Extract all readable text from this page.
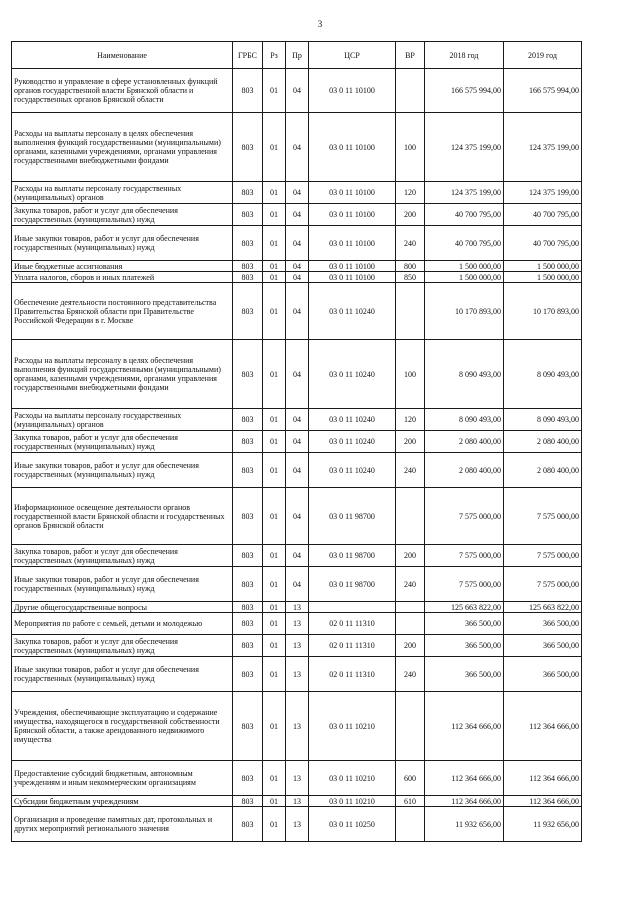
3
Наименование	ГРБС	Рз	Пр	ЦСР	ВР	2018 год	2019 год
Руководство и управление в сфере установленных функций органов государственной власти Брянской области и государственных органов Брянской области	803	01	04	03 0 11 10100		166 575 994,00	166 575 994,00
Расходы на выплаты персоналу в целях обеспечения выполнения функций государственными (муниципальными) органами, казенными учреждениями, органами управления государственными внебюджетными фондами	803	01	04	03 0 11 10100	100	124 375 199,00	124 375 199,00
Расходы на выплаты персоналу государственных (муниципальных) органов	803	01	04	03 0 11 10100	120	124 375 199,00	124 375 199,00
Закупка товаров, работ и услуг для обеспечения государственных (муниципальных) нужд	803	01	04	03 0 11 10100	200	40 700 795,00	40 700 795,00
Иные закупки товаров, работ и услуг для обеспечения государственных (муниципальных) нужд	803	01	04	03 0 11 10100	240	40 700 795,00	40 700 795,00
Иные бюджетные ассигнования	803	01	04	03 0 11 10100	800	1 500 000,00	1 500 000,00
Уплата налогов, сборов и иных платежей	803	01	04	03 0 11 10100	850	1 500 000,00	1 500 000,00
Обеспечение деятельности постоянного представительства Правительства Брянской области при Правительстве Российской Федерации в г. Москве	803	01	04	03 0 11 10240		10 170 893,00	10 170 893,00
Расходы на выплаты персоналу в целях обеспечения выполнения функций государственными (муниципальными) органами, казенными учреждениями, органами управления государственными внебюджетными фондами	803	01	04	03 0 11 10240	100	8 090 493,00	8 090 493,00
Расходы на выплаты персоналу государственных (муниципальных) органов	803	01	04	03 0 11 10240	120	8 090 493,00	8 090 493,00
Закупка товаров, работ и услуг для обеспечения государственных (муниципальных) нужд	803	01	04	03 0 11 10240	200	2 080 400,00	2 080 400,00
Иные закупки товаров, работ и услуг для обеспечения государственных (муниципальных) нужд	803	01	04	03 0 11 10240	240	2 080 400,00	2 080 400,00
Информационное освещение деятельности органов государственной власти Брянской области и государственных органов Брянской области	803	01	04	03 0 11 98700		7 575 000,00	7 575 000,00
Закупка товаров, работ и услуг для обеспечения государственных (муниципальных) нужд	803	01	04	03 0 11 98700	200	7 575 000,00	7 575 000,00
Иные закупки товаров, работ и услуг для обеспечения государственных (муниципальных) нужд	803	01	04	03 0 11 98700	240	7 575 000,00	7 575 000,00
Другие общегосударственные вопросы	803	01	13			125 663 822,00	125 663 822,00
Мероприятия по работе с семьей, детьми и молодежью	803	01	13	02 0 11 11310		366 500,00	366 500,00
Закупка товаров, работ и услуг для обеспечения государственных (муниципальных) нужд	803	01	13	02 0 11 11310	200	366 500,00	366 500,00
Иные закупки товаров, работ и услуг для обеспечения государственных (муниципальных) нужд	803	01	13	02 0 11 11310	240	366 500,00	366 500,00
Учреждения, обеспечивающие эксплуатацию и содержание имущества, находящегося в государственной собственности Брянской области, а также арендованного недвижимого имущества	803	01	13	03 0 11 10210		112 364 666,00	112 364 666,00
Предоставление субсидий бюджетным, автономным учреждениям и иным некоммерческим организациям	803	01	13	03 0 11 10210	600	112 364 666,00	112 364 666,00
Субсидии бюджетным учреждениям	803	01	13	03 0 11 10210	610	112 364 666,00	112 364 666,00
Организация и проведение памятных дат, протокольных и других мероприятий регионального значения	803	01	13	03 0 11 10250		11 932 656,00	11 932 656,00
